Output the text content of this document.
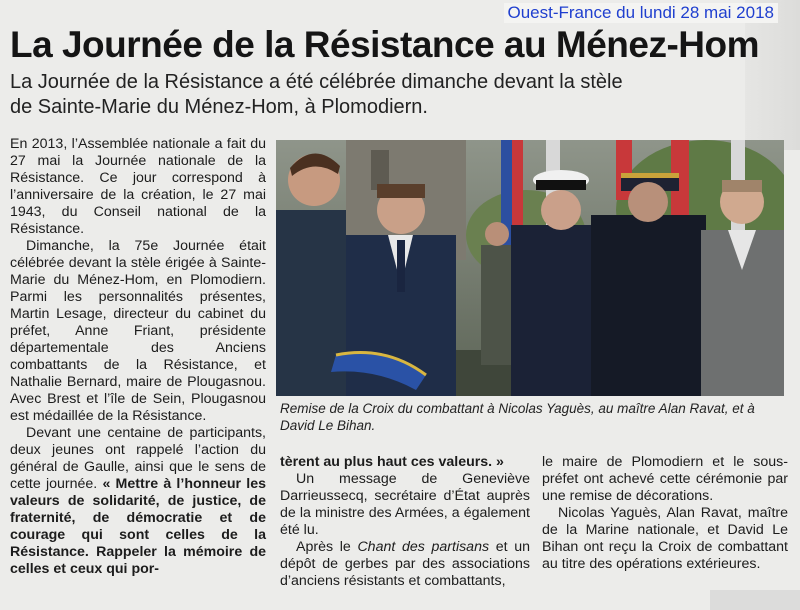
Ouest-France du lundi 28 mai 2018
La Journée de la Résistance au Ménez-Hom

La Journée de la Résistance a été célébrée dimanche devant la stèle
de Sainte-Marie du Ménez-Hom, à Plomodiern.

En 2013, l’Assemblée nationale a fait du 27 mai la Journée nationale de la Résistance. Ce jour correspond à l’anniversaire de la création, le 27 mai 1943, du Conseil national de la Résistance.

Dimanche, la 75e Journée était célébrée devant la stèle érigée à Sainte-Marie du Ménez-Hom, en Plomodiern. Parmi les personnalités présentes, Martin Lesage, directeur du cabinet du préfet, Anne Friant, présidente départementale des Anciens combattants de la Résistance, et Nathalie Bernard, maire de Plougasnou. Avec Brest et l’île de Sein, Plougasnou est médaillée de la Résistance.

Devant une centaine de participants, deux jeunes ont rappelé l’action du général de Gaulle, ainsi que le sens de cette journée. « Mettre à l’honneur les valeurs de solidarité, de justice, de fraternité, de démocratie et de courage qui sont celles de la Résistance. Rappeler la mémoire de celles et ceux qui por-

Remise de la Croix du combattant à Nicolas Yaguès, au maître Alan Ravat, et à David Le Bihan.

tèrent au plus haut ces valeurs. »

Un message de Geneviève Darrieussecq, secrétaire d’État auprès de la ministre des Armées, a également été lu.

Après le Chant des partisans et un dépôt de gerbes par des associations d’anciens résistants et combattants,

le maire de Plomodiern et le sous-préfet ont achevé cette cérémonie par une remise de décorations.

Nicolas Yaguès, Alan Ravat, maître de la Marine nationale, et David Le Bihan ont reçu la Croix de combattant au titre des opérations extérieures.
